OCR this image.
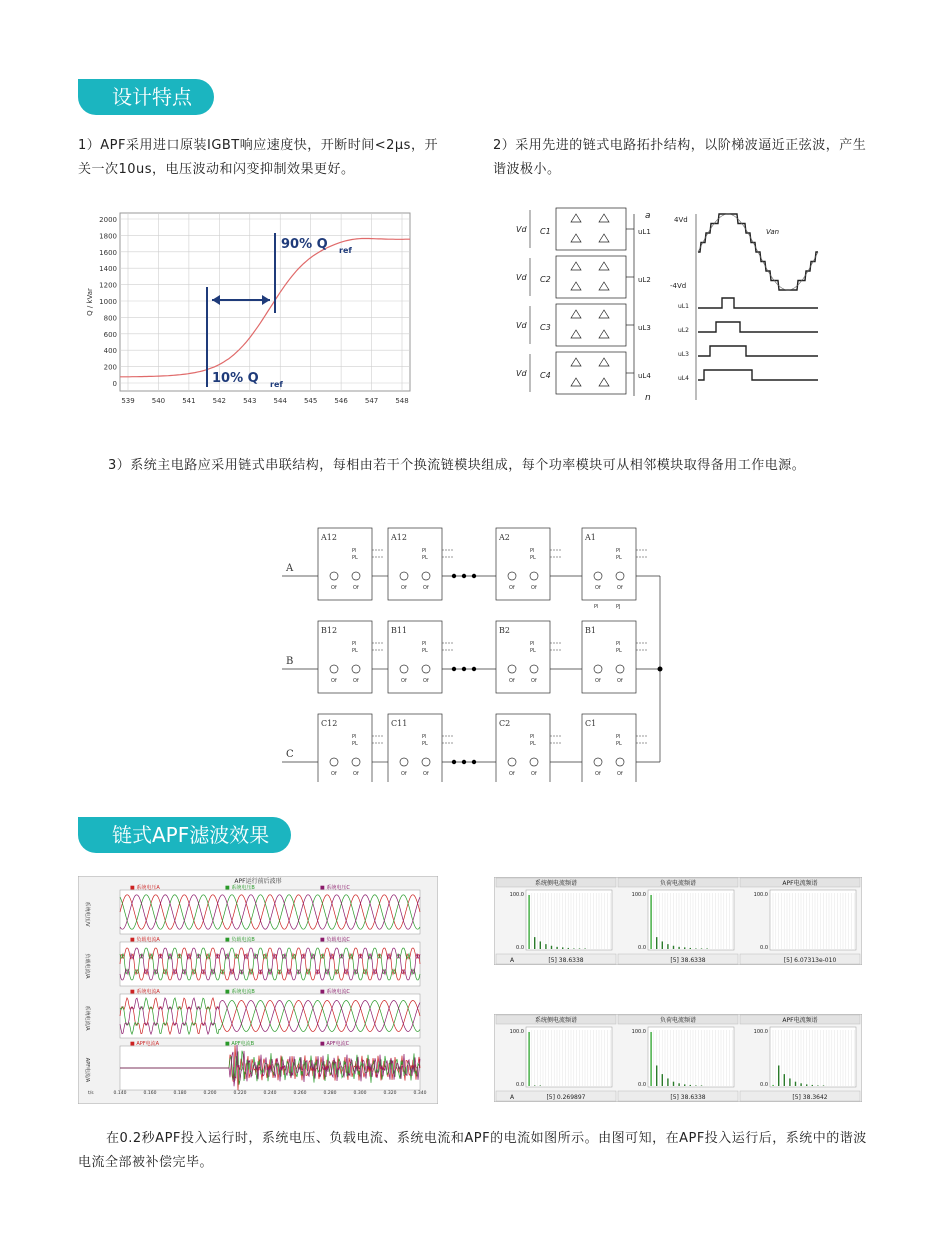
设计特点
1）APF采用进口原装IGBT响应速度快，开断时间<2μs，开关一次10us，电压波动和闪变抑制效果更好。
2）采用先进的链式电路拓扑结构，以阶梯波逼近正弦波，产生谐波极小。
2000
1800
1600
1400
1200
1000
800
600
400
200
0
539 540 541 542 543 544 545 546 547 548
Q / kVar
90% Q ref
10% Q ref
C1
Vd	uL1
C2
Vd	uL2
C3
Vd	uL3
C4
Vd	uL4
a
n
4Vd
-4Vd
Van
uL1
uL2
uL3
uL4
3）系统主电路应采用链式串联结构，每相由若干个换流链模块组成，每个功率模块可从相邻模块取得备用工作电源。
A
A12
Pl
PL
Of	Of
A12
Pl
PL
Of	Of
A2
Pl
PL
Of	Of
A1
Pl
PL
Of	Of
Pl	PJ
B
B12
Pl
PL
Of	Of
B11
Pl
PL
Of	Of
B2
Pl
PL
Of	Of
B1
Pl
PL
Of	Of
C
C12
Pl
PL
Of	Of
C11
Pl
PL
Of	Of
C2
Pl
PL
Of	Of
C1
Pl
PL
Of	Of
链式APF滤波效果
APF运行前后波形
■ 系统电压A	■ 系统电压B	■ 系统电压C
系统电压/V
■ 负载电流A	■ 负载电流B	■ 负载电流C
负载电流/A
■ 系统电流A	■ 系统电流B	■ 系统电流C
系统电流/A
■ APF电流A	■ APF电流B	■ APF电流C
APF电流/A
0.140	0.160	0.180	0.200	0.220	0.240	0.260	0.280	0.300	0.320	0.340
t/s
系统侧电流频谱
100.0
0.0
A	[5] 38.6338
负荷电流频谱
100.0
0.0
[5] 38.6338
APF电流频谱
100.0
0.0
[5] 6.07313e-010
系统侧电流频谱
100.0
0.0
A	[5] 0.269897
负荷电流频谱
100.0
0.0
[5] 38.6338
APF电流频谱
100.0
0.0
[5] 38.3642
在0.2秒APF投入运行时，系统电压、负载电流、系统电流和APF的电流如图所示。由图可知，在APF投入运行后，系统中的谐波电流全部被补偿完毕。
